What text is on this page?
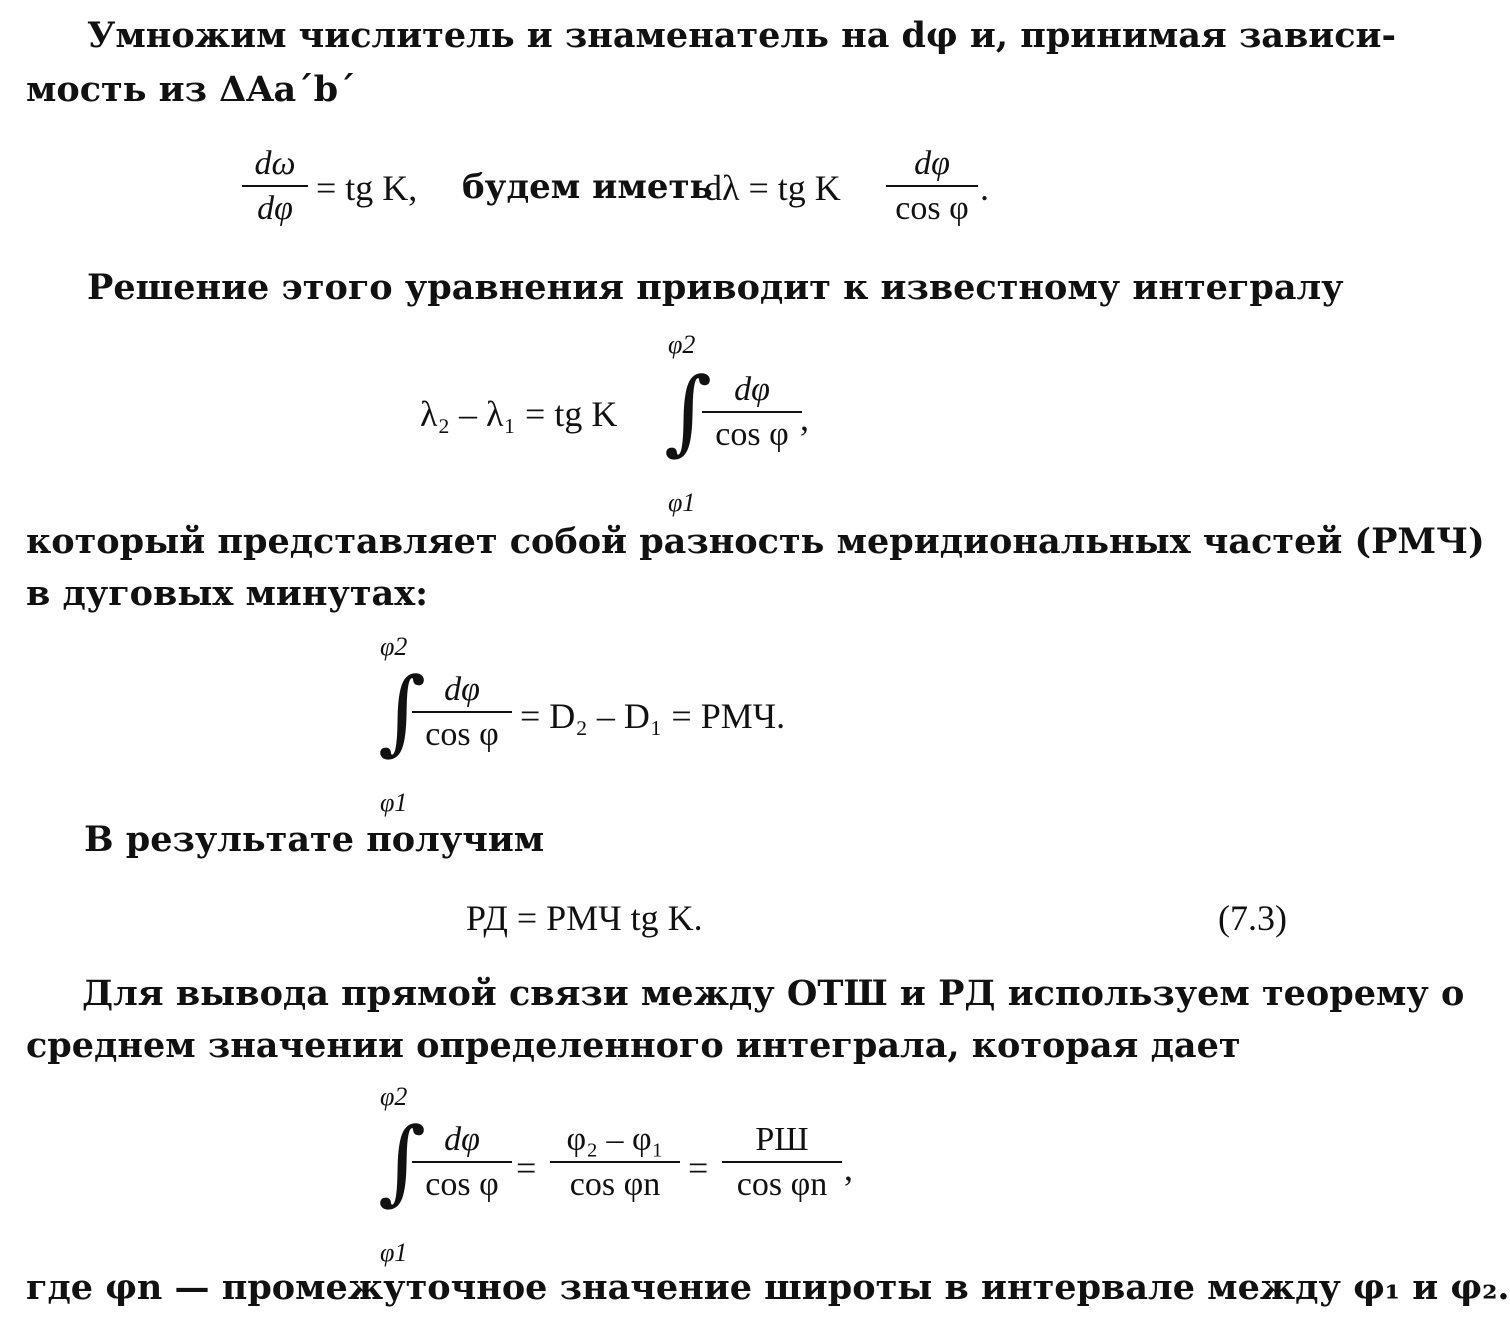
Умножим числитель и знаменатель на dφ и, принимая зависи-
мость из ΔAa´b´
dω
dφ
= tg K, будем иметь
dλ = tg K
dφ
cos φ
.
Решение этого уравнения приводит к известному интегралу
φ2
λ₂ – λ₁ = tg K ∫ dφ
cos φ ,
φ1
который представляет собой разность меридиональных частей (РМЧ)
в дуговых минутах:
φ2
∫ dφ
cos φ = D₂ – D₁ = РМЧ.
φ1
В результате получим
РД = РМЧ tg K.	(7.3)
Для вывода прямой связи между ОТШ и РД используем теорему о
среднем значении определенного интеграла, которая дает
φ2
∫ dφ
cos φ =
φ₂ – φ₁
cos φn =
РШ
cos φn ,
φ1
где φn — промежуточное значение широты в интервале между φ₁ и φ₂.
